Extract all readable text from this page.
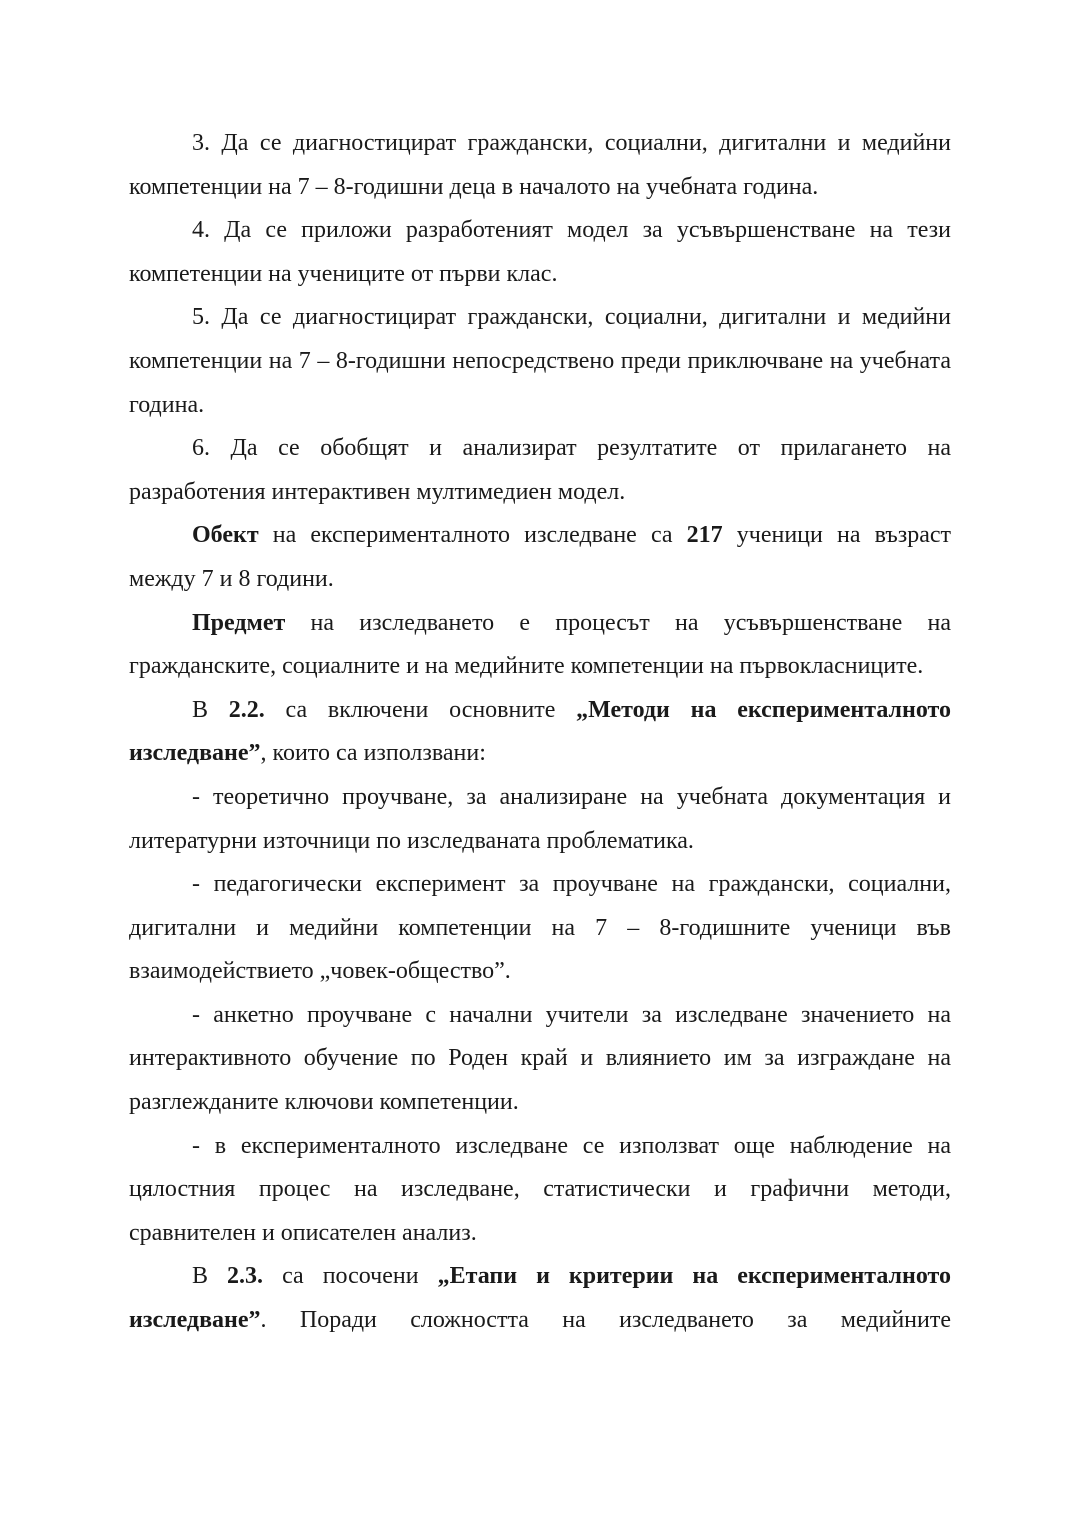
3. Да се диагностицират граждански, социални, дигитални и медийни компетенции на 7 – 8-годишни деца в началото на учебната година.

4. Да се приложи разработеният модел за усъвършенстване на тези компетенции на учениците от първи клас.

5. Да се диагностицират граждански, социални, дигитални и медийни компетенции на 7 – 8-годишни непосредствено преди приключване на учебната година.

6. Да се обобщят и анализират резултатите от прилагането на разработения интерактивен мултимедиен модел.

Обект на експерименталното изследване са 217 ученици на възраст между 7 и 8 години.

Предмет на изследването е процесът на усъвършенстване на гражданските, социалните и на медийните компетенции на първокласниците.

В 2.2. са включени основните „Методи на експерименталното изследване”, които са използвани:

- теоретично проучване, за анализиране на учебната документация и литературни източници по изследваната проблематика.

- педагогически експеримент за проучване на граждански, социални, дигитални и медийни компетенции на 7 – 8-годишните ученици във взаимодействието „човек-общество”.

- анкетно проучване с начални учители за изследване значението на интерактивното обучение по Роден край и влиянието им за изграждане на разглежданите ключови компетенции.

- в експерименталното изследване се използват още наблюдение на цялостния процес на изследване, статистически и графични методи, сравнителен и описателен анализ.

В 2.3. са посочени „Етапи и критерии на експерименталното изследване”. Поради сложността на изследването за медийните
